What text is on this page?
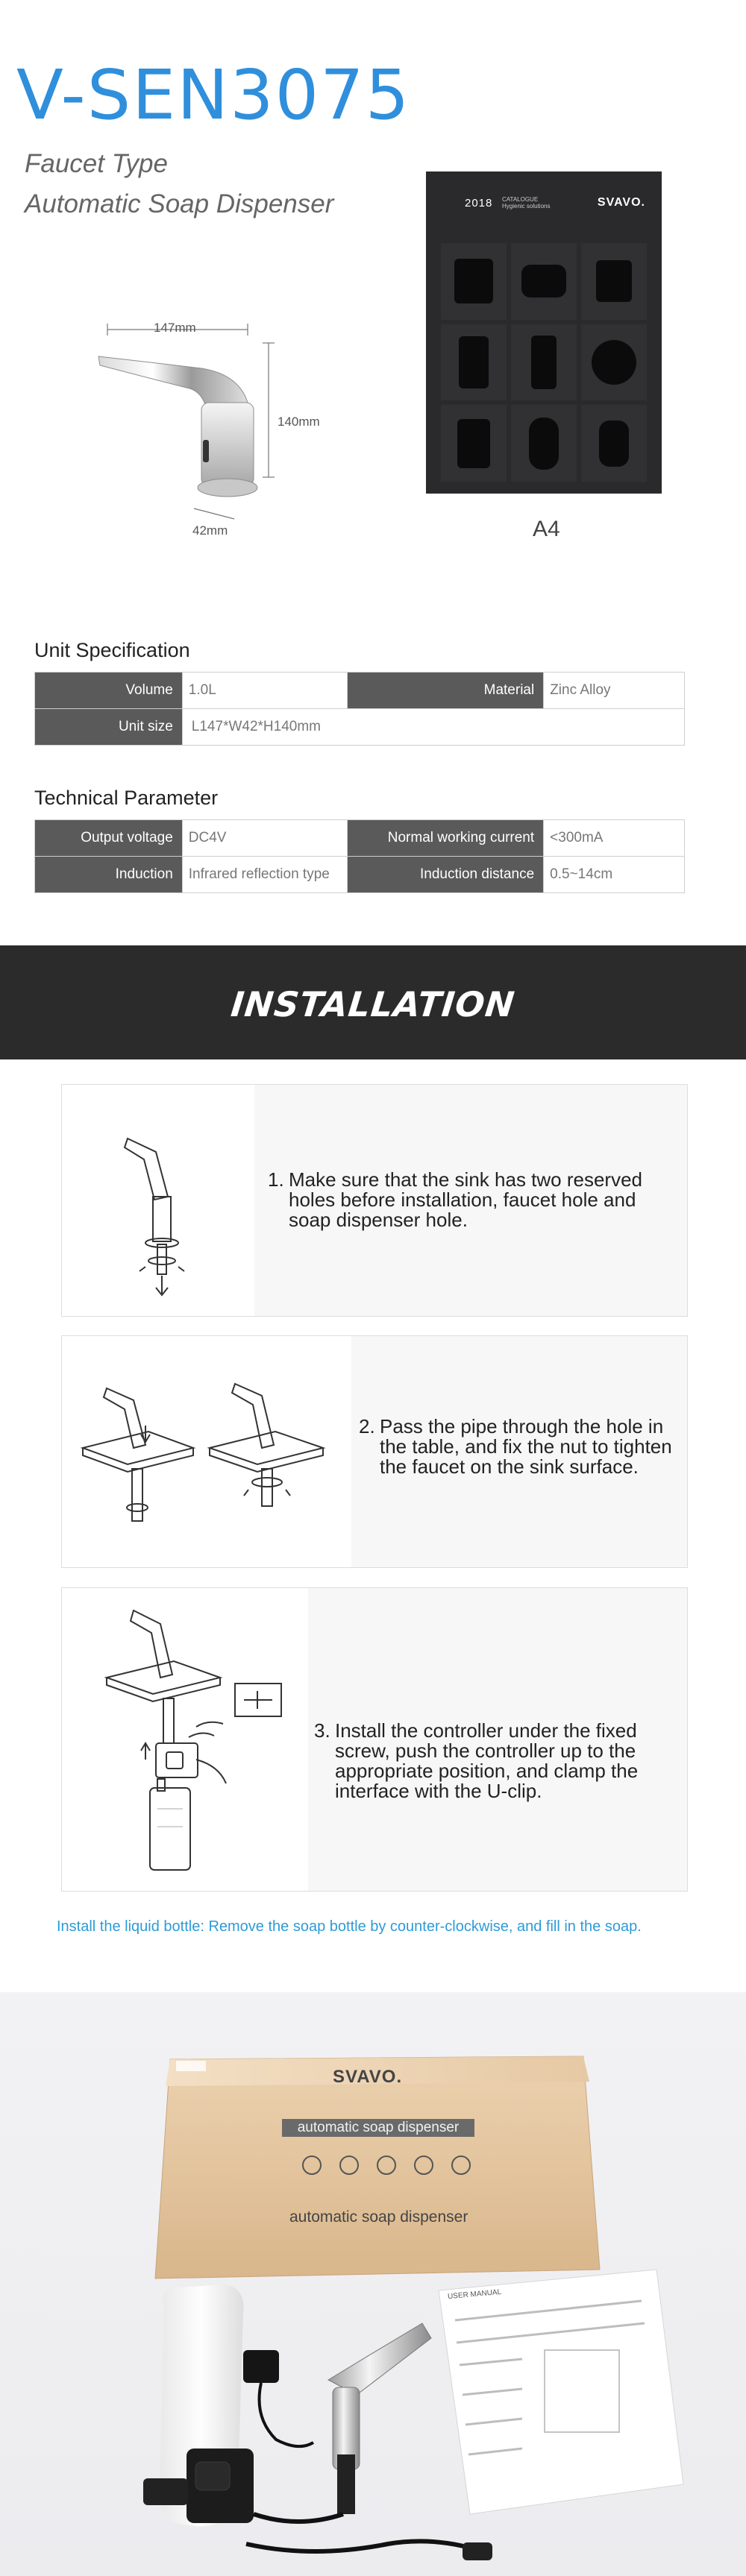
V-SEN3075
Faucet Type
Automatic Soap Dispenser
147mm
140mm
42mm
2018 CATALOGUE
Hygienic solutions	SVAVO.
A4
Unit Specification
Volume	1.0L	Material	Zinc Alloy
Unit size	L147*W42*H140mm		
Technical Parameter
Output voltage	DC4V	Normal working current	<300mA
Induction	Infrared reflection type	Induction distance	0.5~14cm
INSTALLATION
1. Make sure that the sink has two reserved holes before installation, faucet hole and soap dispenser hole.
2. Pass the pipe through the hole in the table, and fix the nut to tighten the faucet on the sink surface.
3. Install the controller under the fixed screw, push the controller up to the appropriate position, and clamp the interface with the U-clip.
Install the liquid bottle: Remove the soap bottle by counter-clockwise, and fill in the soap.
SVAVO.
automatic soap dispenser
automatic soap dispenser
USER MANUAL
